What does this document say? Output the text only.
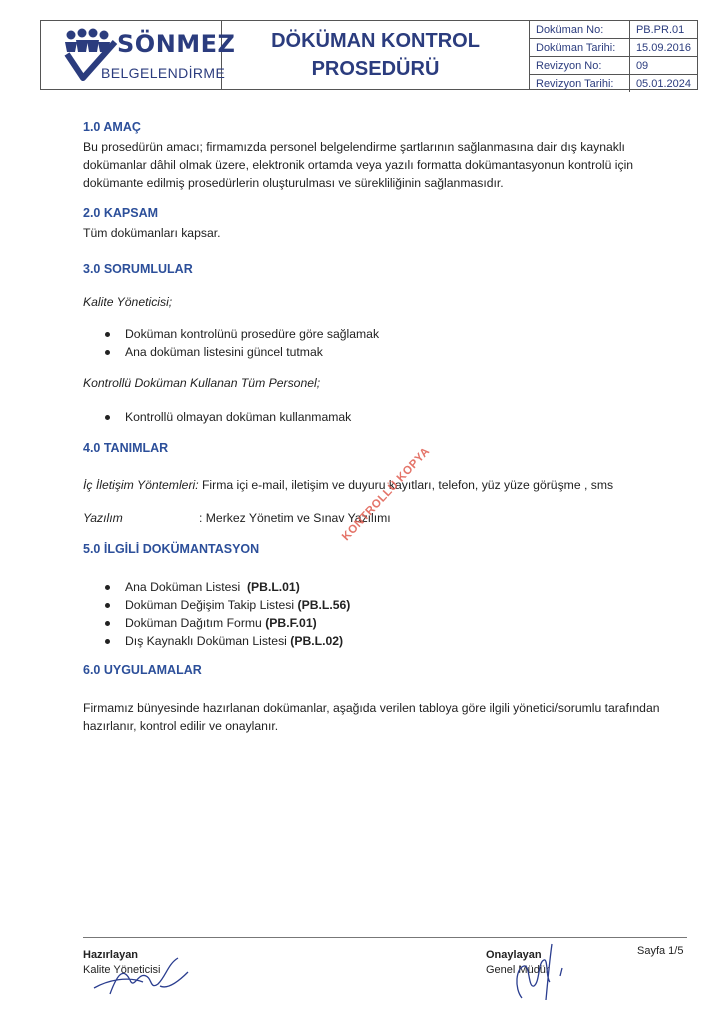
SÖNMEZ
BELGELENDİRME
DÖKÜMAN KONTROL
PROSEDÜRÜ
Doküman No:	PB.PR.01
Doküman Tarihi:	15.09.2016
Revizyon No:	09
Revizyon Tarihi:	05.01.2024
1.0 AMAÇ
Bu prosedürün amacı; firmamızda personel belgelendirme şartlarının sağlanmasına dair dış kaynaklı dokümanlar dâhil olmak üzere, elektronik ortamda veya yazılı formatta dokümantasyonun kontrolü için dokümante edilmiş prosedürlerin oluşturulması ve sürekliliğinin sağlanmasıdır.
2.0 KAPSAM
Tüm dokümanları kapsar.
3.0 SORUMLULAR
Kalite Yöneticisi;
Doküman kontrolünü prosedüre göre sağlamak
Ana doküman listesini güncel tutmak
Kontrollü Doküman Kullanan Tüm Personel;
Kontrollü olmayan doküman kullanmamak
4.0 TANIMLAR
İç İletişim Yöntemleri: Firma içi e-mail, iletişim ve duyuru kayıtları, telefon, yüz yüze görüşme , sms
Yazılım	: Merkez Yönetim ve Sınav Yazılımı
KONTROLLÜ KOPYA
5.0 İLGİLİ DOKÜMANTASYON
Ana Doküman Listesi (PB.L.01)
Doküman Değişim Takip Listesi (PB.L.56)
Doküman Dağıtım Formu (PB.F.01)
Dış Kaynaklı Doküman Listesi (PB.L.02)
6.0 UYGULAMALAR
Firmamız bünyesinde hazırlanan dokümanlar, aşağıda verilen tabloya göre ilgili yönetici/sorumlu tarafından hazırlanır, kontrol edilir ve onaylanır.
Hazırlayan
Kalite Yöneticisi
Onaylayan
Genel Müdür
Sayfa 1/5
